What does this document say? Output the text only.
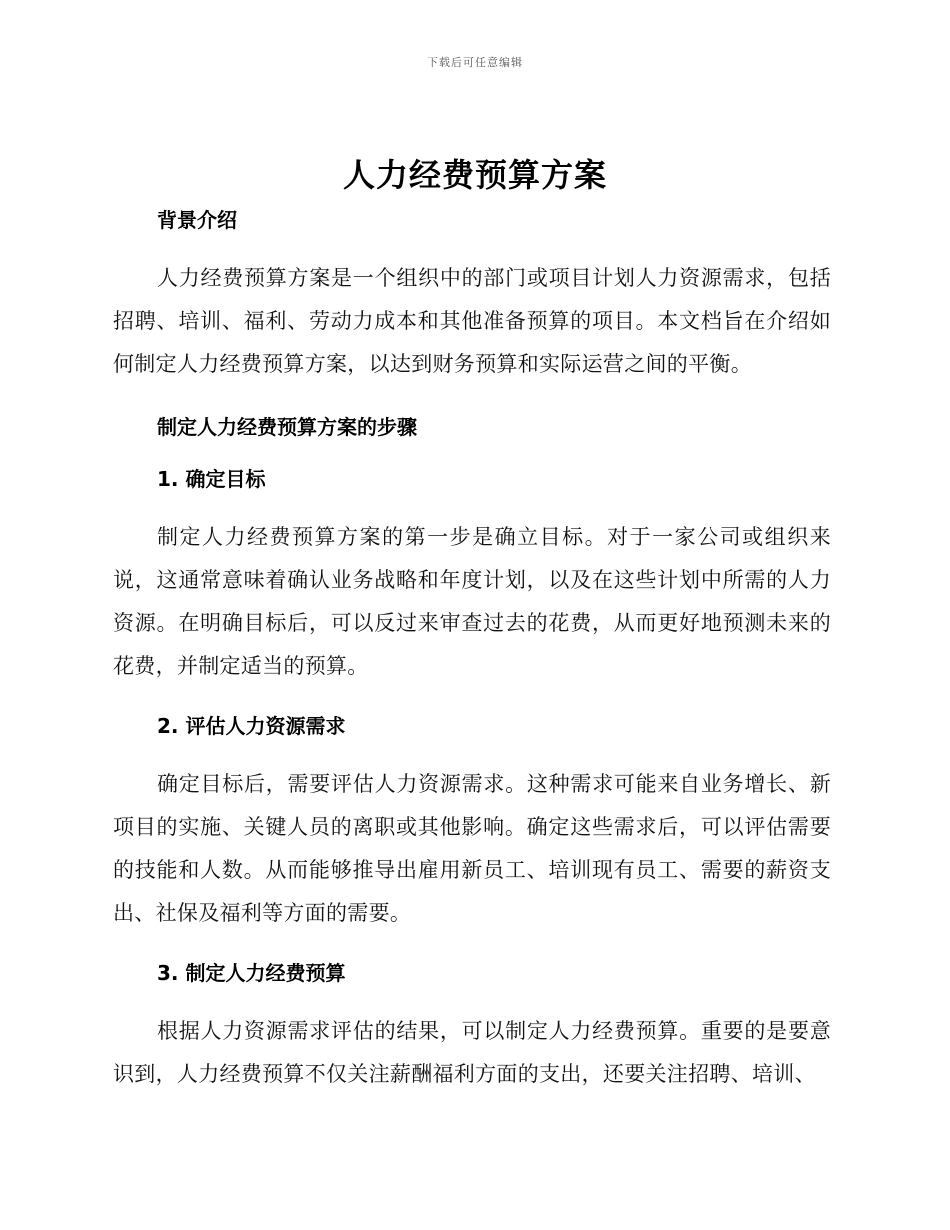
下载后可任意编辑
人力经费预算方案
背景介绍

人力经费预算方案是一个组织中的部门或项目计划人力资源需求，包括招聘、培训、福利、劳动力成本和其他准备预算的项目。本文档旨在介绍如何制定人力经费预算方案，以达到财务预算和实际运营之间的平衡。

制定人力经费预算方案的步骤
1. 确定目标

制定人力经费预算方案的第一步是确立目标。对于一家公司或组织来说，这通常意味着确认业务战略和年度计划，以及在这些计划中所需的人力资源。在明确目标后，可以反过来审查过去的花费，从而更好地预测未来的花费，并制定适当的预算。

2. 评估人力资源需求

确定目标后，需要评估人力资源需求。这种需求可能来自业务增长、新项目的实施、关键人员的离职或其他影响。确定这些需求后，可以评估需要的技能和人数。从而能够推导出雇用新员工、培训现有员工、需要的薪资支出、社保及福利等方面的需要。

3. 制定人力经费预算

根据人力资源需求评估的结果，可以制定人力经费预算。重要的是要意识到，人力经费预算不仅关注薪酬福利方面的支出，还要关注招聘、培训、
